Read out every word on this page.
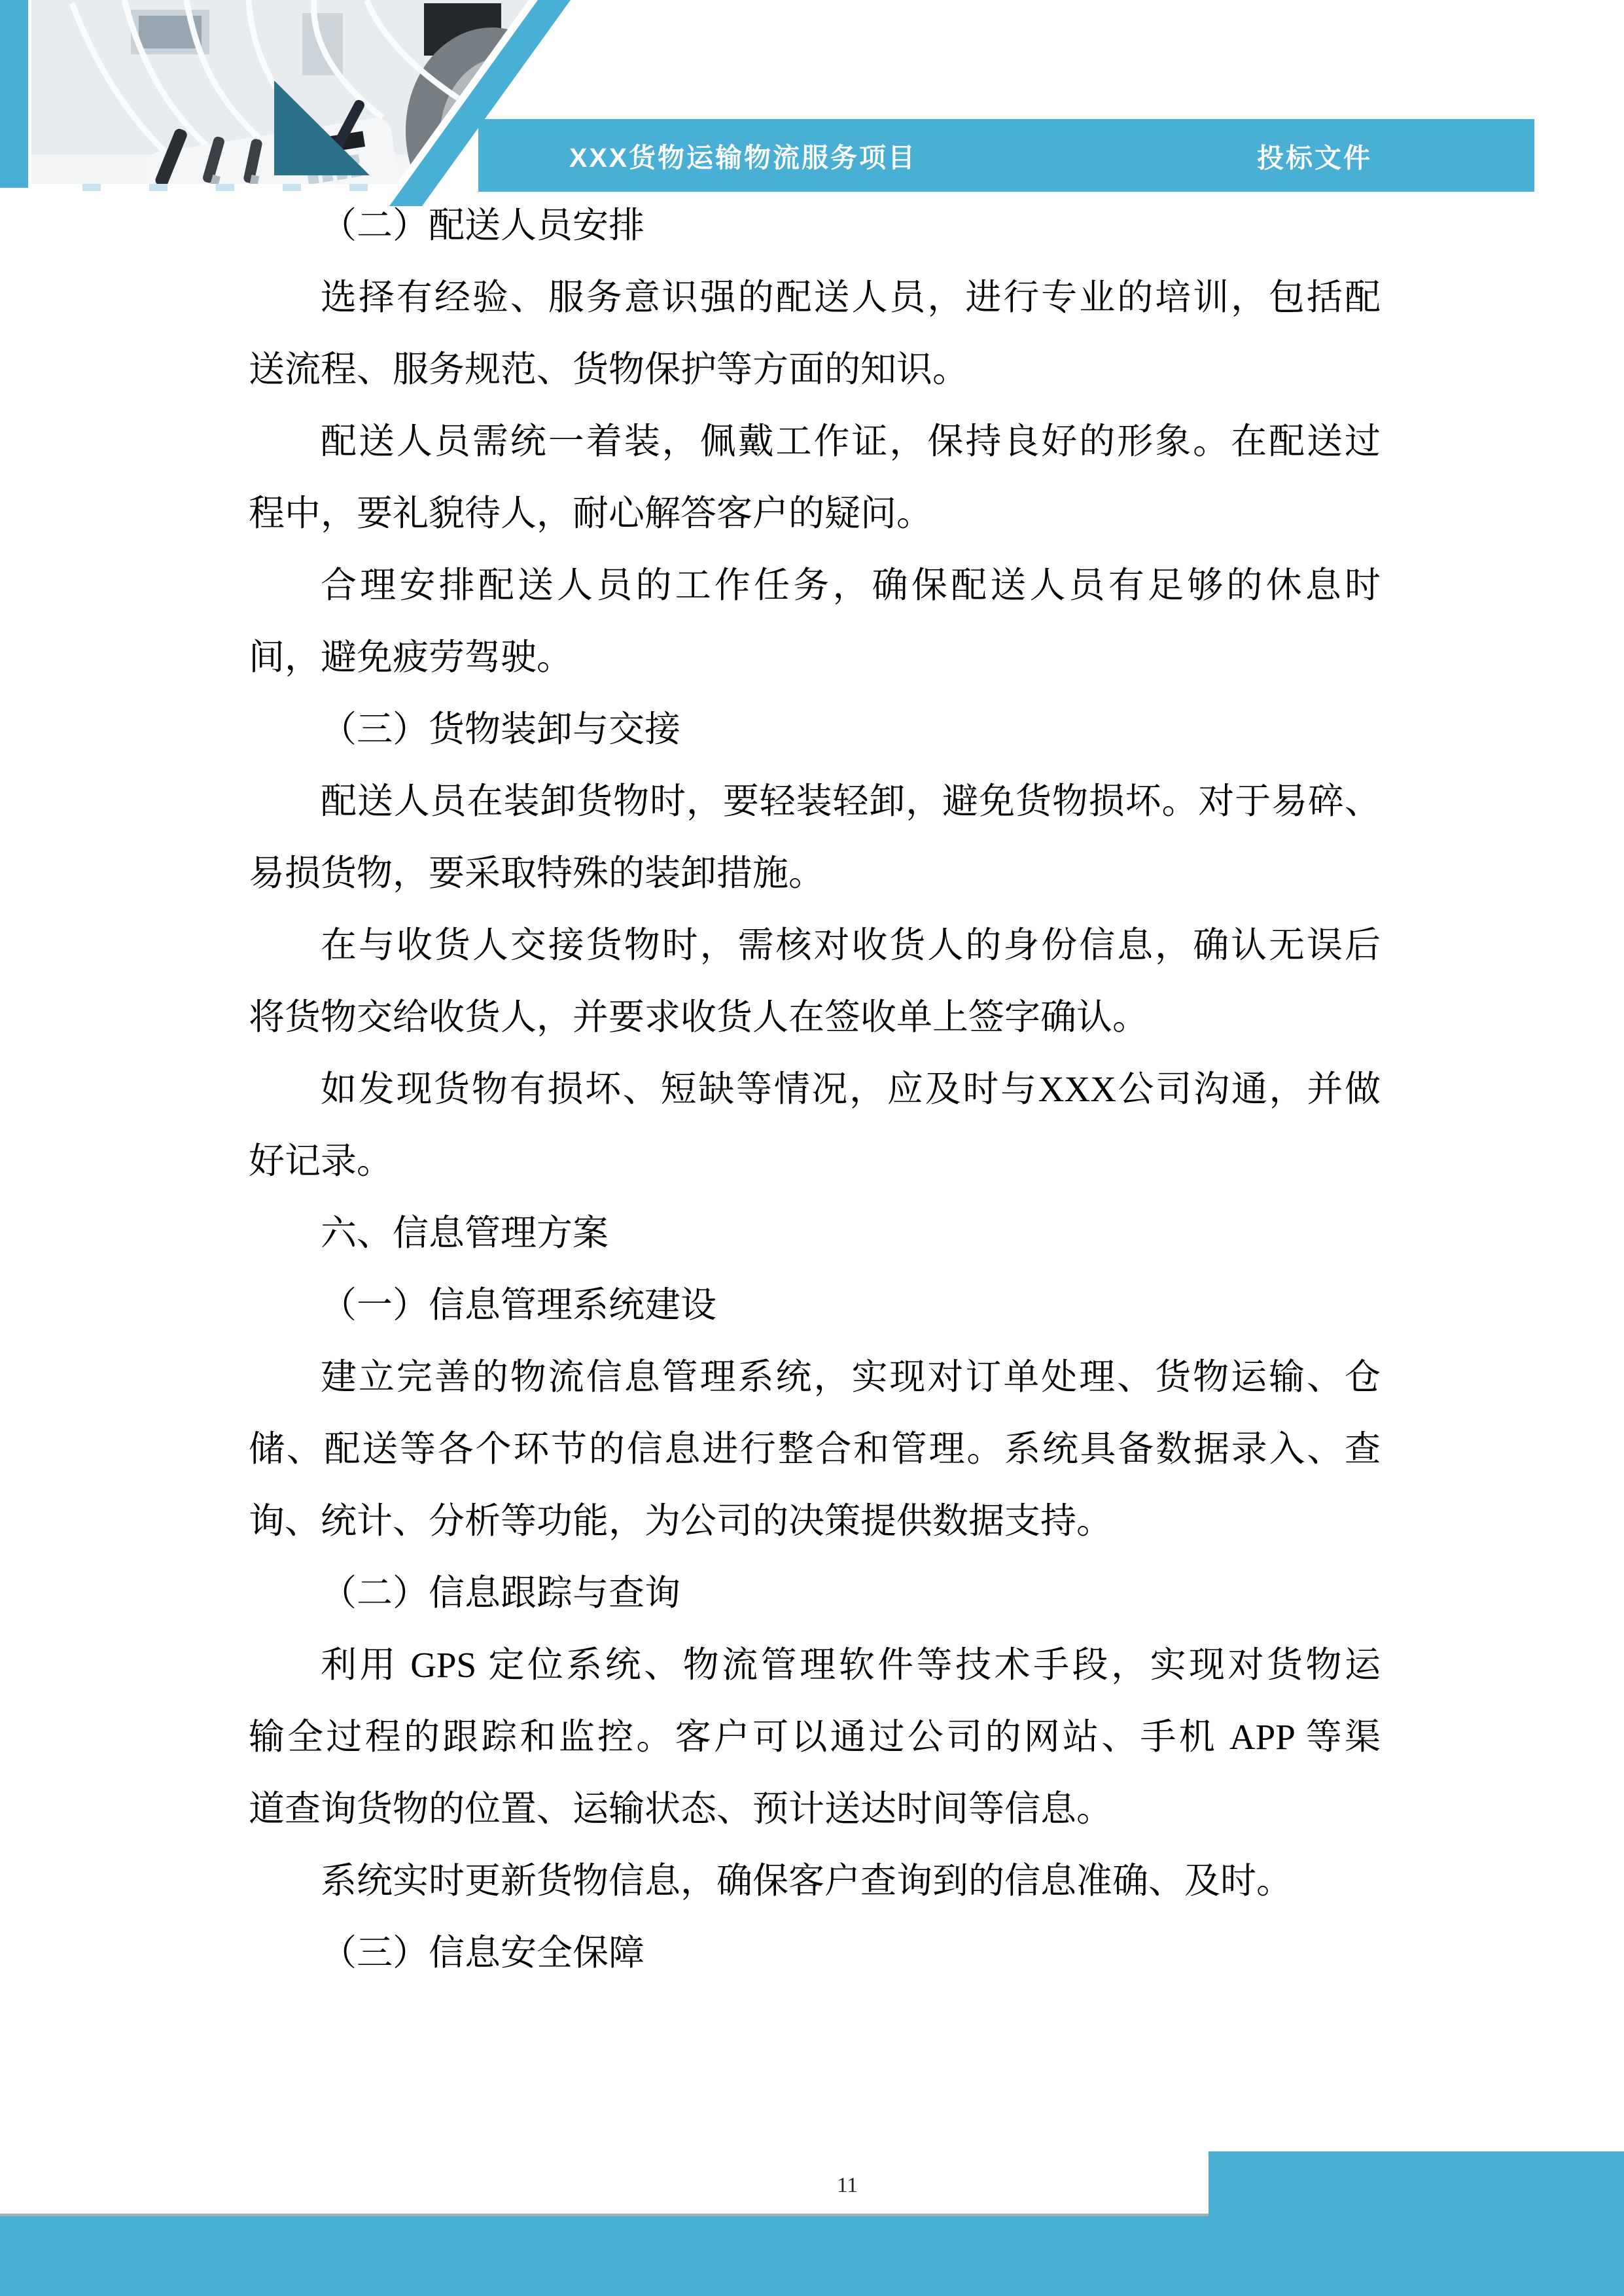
XXX货物运输物流服务项目	投标文件
（二）配送人员安排
选择有经验、服务意识强的配送人员，进行专业的培训，包括配
送流程、服务规范、货物保护等方面的知识。
配送人员需统一着装，佩戴工作证，保持良好的形象。在配送过
程中，要礼貌待人，耐心解答客户的疑问。
合理安排配送人员的工作任务，确保配送人员有足够的休息时
间，避免疲劳驾驶。
（三）货物装卸与交接
配送人员在装卸货物时，要轻装轻卸，避免货物损坏。对于易碎、
易损货物，要采取特殊的装卸措施。
在与收货人交接货物时，需核对收货人的身份信息，确认无误后
将货物交给收货人，并要求收货人在签收单上签字确认。
如发现货物有损坏、短缺等情况，应及时与XXX公司沟通，并做
好记录。
六、信息管理方案
（一）信息管理系统建设
建立完善的物流信息管理系统，实现对订单处理、货物运输、仓
储、配送等各个环节的信息进行整合和管理。系统具备数据录入、查
询、统计、分析等功能，为公司的决策提供数据支持。
（二）信息跟踪与查询
利用 GPS 定位系统、物流管理软件等技术手段，实现对货物运
输全过程的跟踪和监控。客户可以通过公司的网站、手机 APP 等渠
道查询货物的位置、运输状态、预计送达时间等信息。
系统实时更新货物信息，确保客户查询到的信息准确、及时。
（三）信息安全保障
11
